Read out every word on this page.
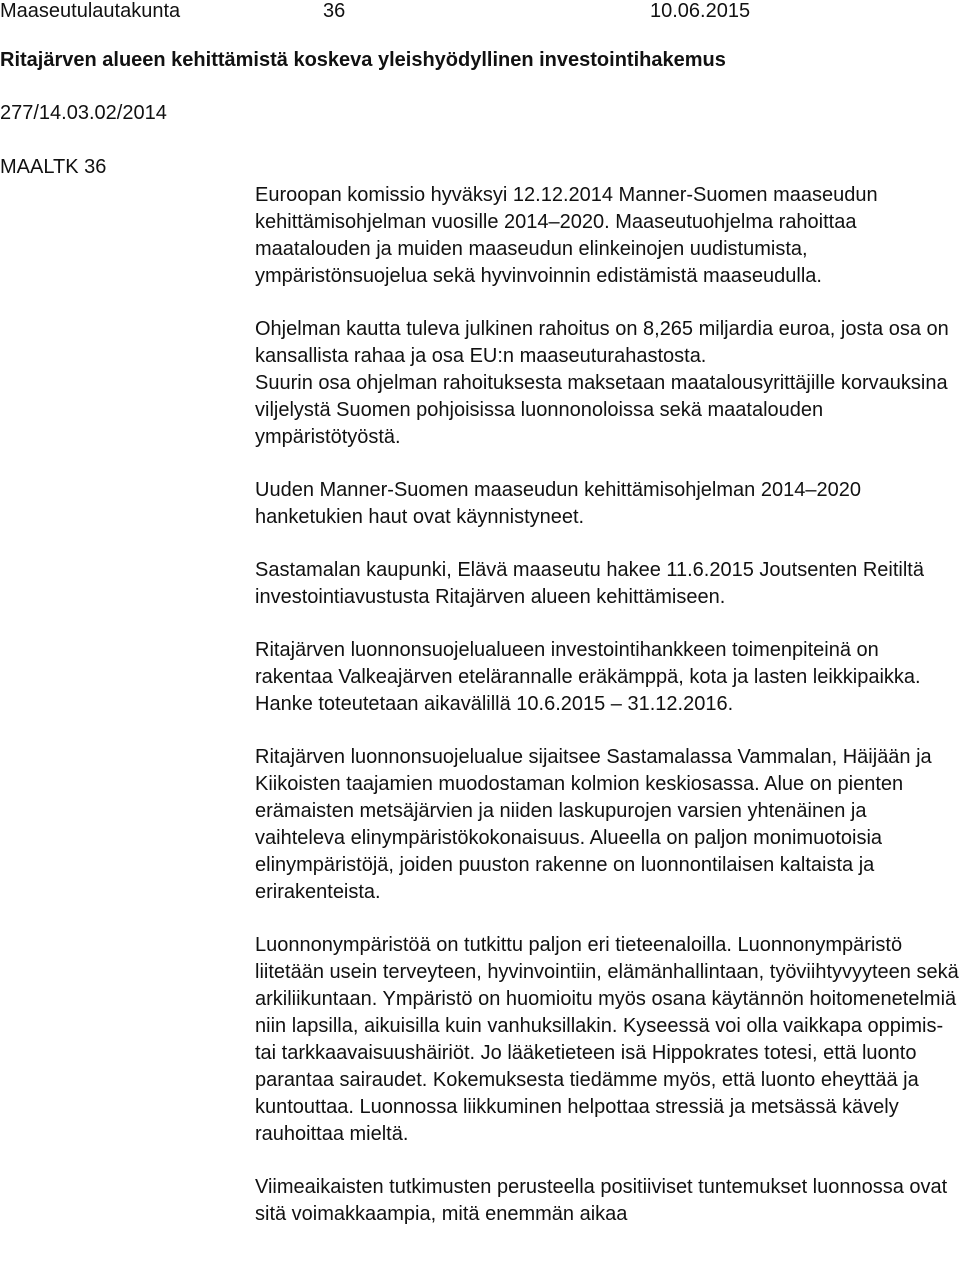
Maaseutulautakunta	36	10.06.2015
Ritajärven alueen kehittämistä koskeva yleishyödyllinen investointihakemus
277/14.03.02/2014
MAALTK 36

Euroopan komissio hyväksyi 12.12.2014 Manner-Suomen maaseudun kehittämisohjelman vuosille 2014–2020. Maaseutuohjelma rahoittaa maatalouden ja muiden maaseudun elinkeinojen uudistumista, ympäristönsuojelua sekä hyvinvoinnin edistämistä maaseudulla.

Ohjelman kautta tuleva julkinen rahoitus on 8,265 miljardia euroa, josta osa on kansallista rahaa ja osa EU:n maaseuturahastosta.

Suurin osa ohjelman rahoituksesta maksetaan maatalousyrittäjille korvauksina viljelystä Suomen pohjoisissa luonnonoloissa sekä maatalouden ympäristötyöstä.

Uuden Manner-Suomen maaseudun kehittämisohjelman 2014–2020 hanketukien haut ovat käynnistyneet.

Sastamalan kaupunki, Elävä maaseutu hakee 11.6.2015 Joutsenten Reitiltä investointiavustusta Ritajärven alueen kehittämiseen.

Ritajärven luonnonsuojelualueen investointihankkeen toimenpiteinä on rakentaa Valkeajärven etelärannalle eräkämppä, kota ja lasten leikkipaikka. Hanke toteutetaan aikavälillä 10.6.2015 – 31.12.2016.

Ritajärven luonnonsuojelualue sijaitsee Sastamalassa Vammalan, Häijään ja Kiikoisten taajamien muodostaman kolmion keskiosassa. Alue on pienten erämaisten metsäjärvien ja niiden laskupurojen varsien yhtenäinen ja vaihteleva elinympäristökokonaisuus. Alueella on paljon monimuotoisia elinympäristöjä, joiden puuston rakenne on luonnontilaisen kaltaista ja erirakenteista.

Luonnonympäristöä on tutkittu paljon eri tieteenaloilla. Luonnonympäristö liitetään usein terveyteen, hyvinvointiin, elämänhallintaan, työviihtyvyyteen sekä arkiliikuntaan. Ympäristö on huomioitu myös osana käytännön hoitomenetelmiä niin lapsilla, aikuisilla kuin vanhuksillakin. Kyseessä voi olla vaikkapa oppimis- tai tarkkaavaisuushäiriöt. Jo lääketieteen isä Hippokrates totesi, että luonto parantaa sairaudet. Kokemuksesta tiedämme myös, että luonto eheyttää ja kuntouttaa. Luonnossa liikkuminen helpottaa stressiä ja metsässä kävely rauhoittaa mieltä.

Viimeaikaisten tutkimusten perusteella positiiviset tuntemukset luonnossa ovat sitä voimakkaampia, mitä enemmän aikaa
